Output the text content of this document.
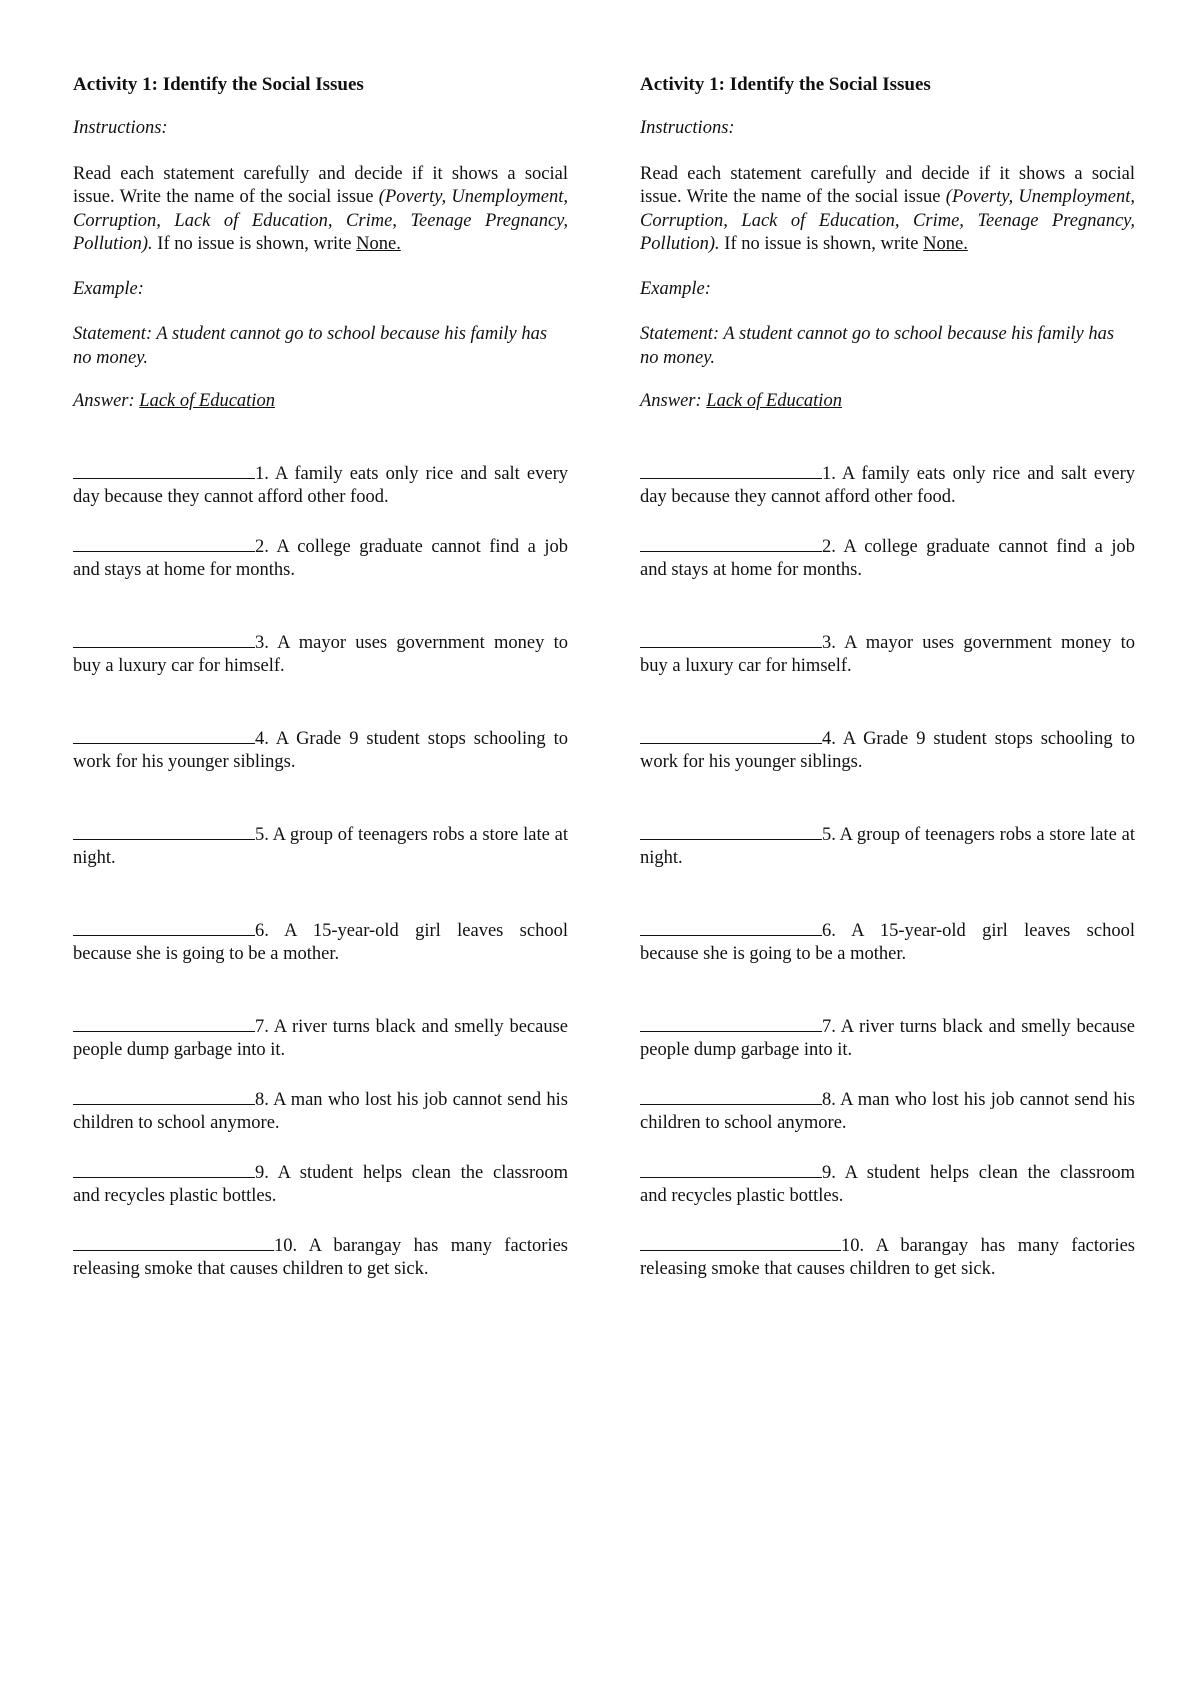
Activity 1: Identify the Social Issues
Instructions:
Read each statement carefully and decide if it shows a social issue. Write the name of the social issue (Poverty, Unemployment, Corruption, Lack of Education, Crime, Teenage Pregnancy, Pollution). If no issue is shown, write None.
Example:
Statement: A student cannot go to school because his family has no money.
Answer: Lack of Education
1. A family eats only rice and salt every day because they cannot afford other food.
2. A college graduate cannot find a job and stays at home for months.
3. A mayor uses government money to buy a luxury car for himself.
4. A Grade 9 student stops schooling to work for his younger siblings.
5. A group of teenagers robs a store late at night.
6. A 15-year-old girl leaves school because she is going to be a mother.
7. A river turns black and smelly because people dump garbage into it.
8. A man who lost his job cannot send his children to school anymore.
9. A student helps clean the classroom and recycles plastic bottles.
10. A barangay has many factories releasing smoke that causes children to get sick.
Activity 1: Identify the Social Issues
Instructions:
Read each statement carefully and decide if it shows a social issue. Write the name of the social issue (Poverty, Unemployment, Corruption, Lack of Education, Crime, Teenage Pregnancy, Pollution). If no issue is shown, write None.
Example:
Statement: A student cannot go to school because his family has no money.
Answer: Lack of Education
1. A family eats only rice and salt every day because they cannot afford other food.
2. A college graduate cannot find a job and stays at home for months.
3. A mayor uses government money to buy a luxury car for himself.
4. A Grade 9 student stops schooling to work for his younger siblings.
5. A group of teenagers robs a store late at night.
6. A 15-year-old girl leaves school because she is going to be a mother.
7. A river turns black and smelly because people dump garbage into it.
8. A man who lost his job cannot send his children to school anymore.
9. A student helps clean the classroom and recycles plastic bottles.
10. A barangay has many factories releasing smoke that causes children to get sick.
